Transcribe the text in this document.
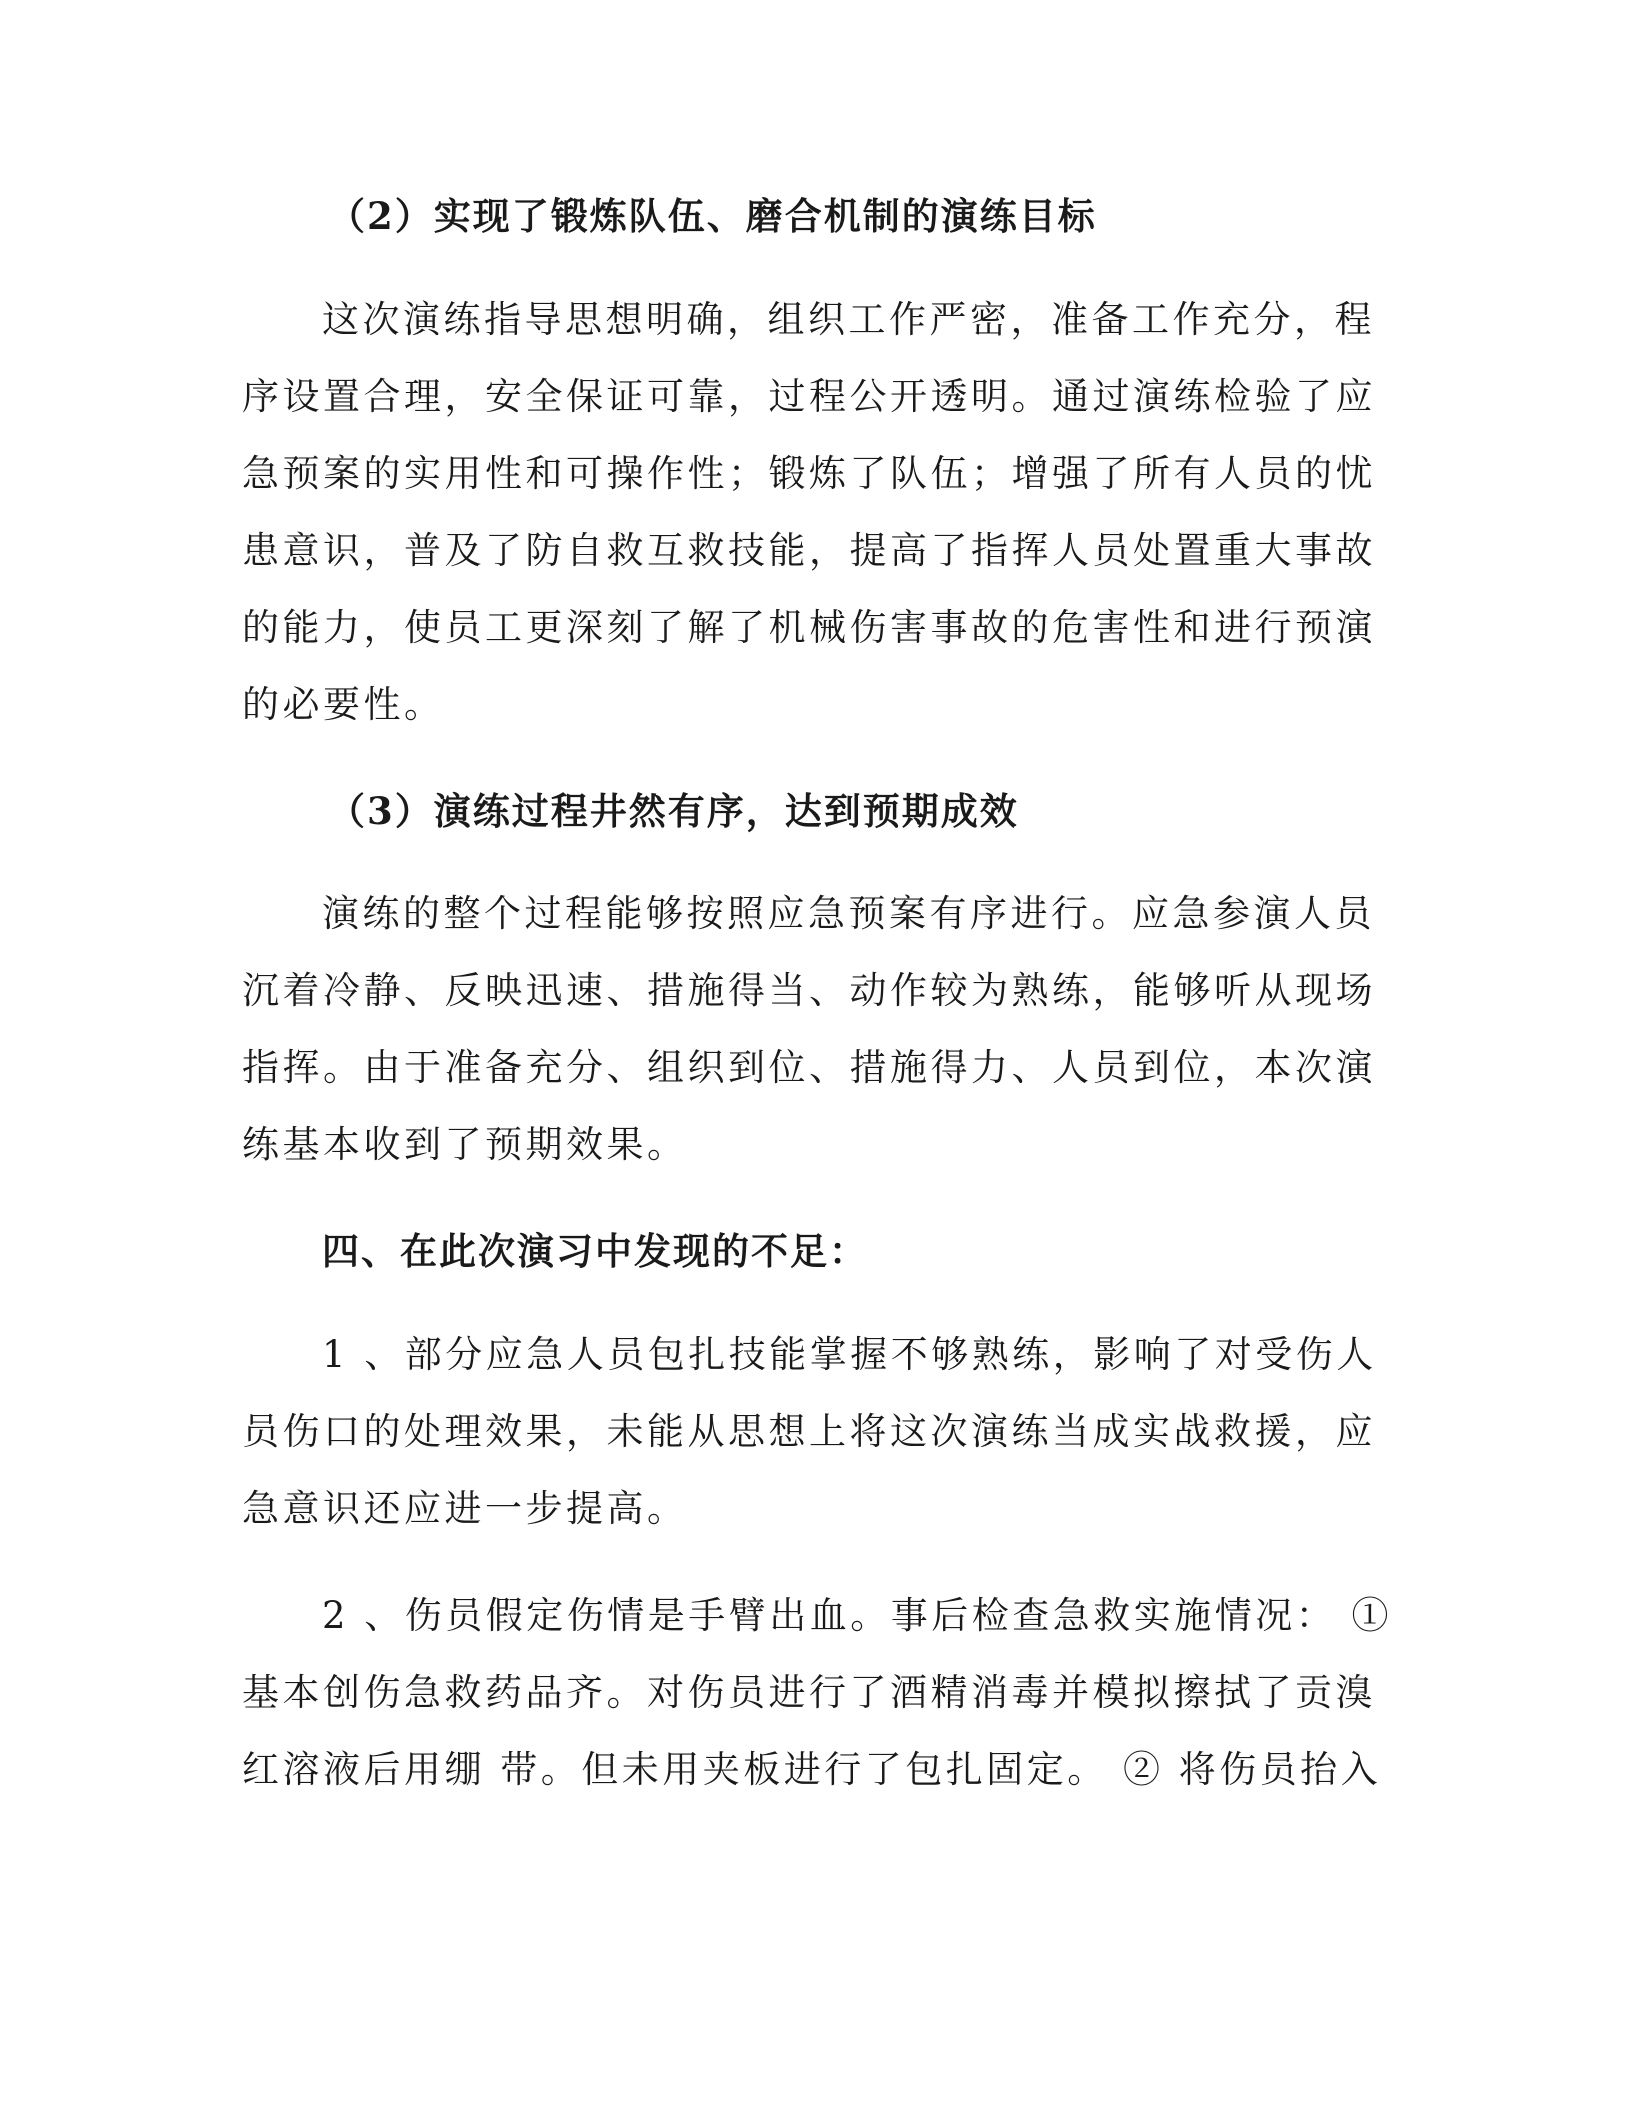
（2）实现了锻炼队伍、磨合机制的演练目标

这次演练指导思想明确，组织工作严密，准备工作充分，程

序设置合理，安全保证可靠，过程公开透明。通过演练检验了应

急预案的实用性和可操作性；锻炼了队伍；增强了所有人员的忧

患意识，普及了防自救互救技能，提高了指挥人员处置重大事故

的能力，使员工更深刻了解了机械伤害事故的危害性和进行预演

的必要性。

（3）演练过程井然有序，达到预期成效

演练的整个过程能够按照应急预案有序进行。应急参演人员

沉着冷静、反映迅速、措施得当、动作较为熟练，能够听从现场

指挥。由于准备充分、组织到位、措施得力、人员到位，本次演

练基本收到了预期效果。

四、在此次演习中发现的不足：

1 、部分应急人员包扎技能掌握不够熟练，影响了对受伤人

员伤口的处理效果，未能从思想上将这次演练当成实战救援，应

急意识还应进一步提高。

2 、伤员假定伤情是手臂出血。事后检查急救实施情况： ①

基本创伤急救药品齐。对伤员进行了酒精消毒并模拟擦拭了贡溴

红溶液后用绷 带。但未用夹板进行了包扎固定。 ② 将伤员抬入
